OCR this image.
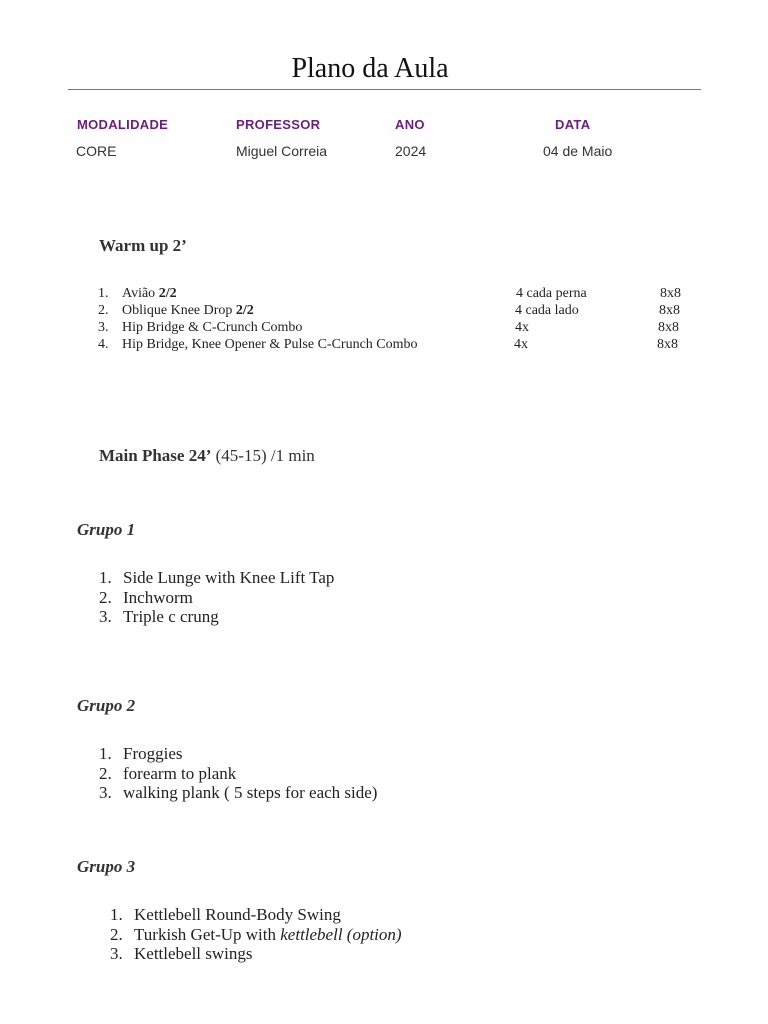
Plano da Aula
MODALIDADE	PROFESSOR	ANO	DATA
CORE	Miguel Correia	2024	04 de Maio
Warm up 2’
1. Avião 2/2	4 cada perna	8x8
2. Oblique Knee Drop 2/2	4 cada lado	8x8
3. Hip Bridge & C-Crunch Combo	4x	8x8
4. Hip Bridge, Knee Opener & Pulse C-Crunch Combo	4x	8x8
Main Phase 24’ (45-15) /1 min
Grupo 1
1. Side Lunge with Knee Lift Tap
2. Inchworm
3. Triple c crung
Grupo 2
1. Froggies
2. forearm to plank
3. walking plank ( 5 steps for each side)
Grupo 3
1. Kettlebell Round-Body Swing
2. Turkish Get-Up with kettlebell (option)
3. Kettlebell swings
